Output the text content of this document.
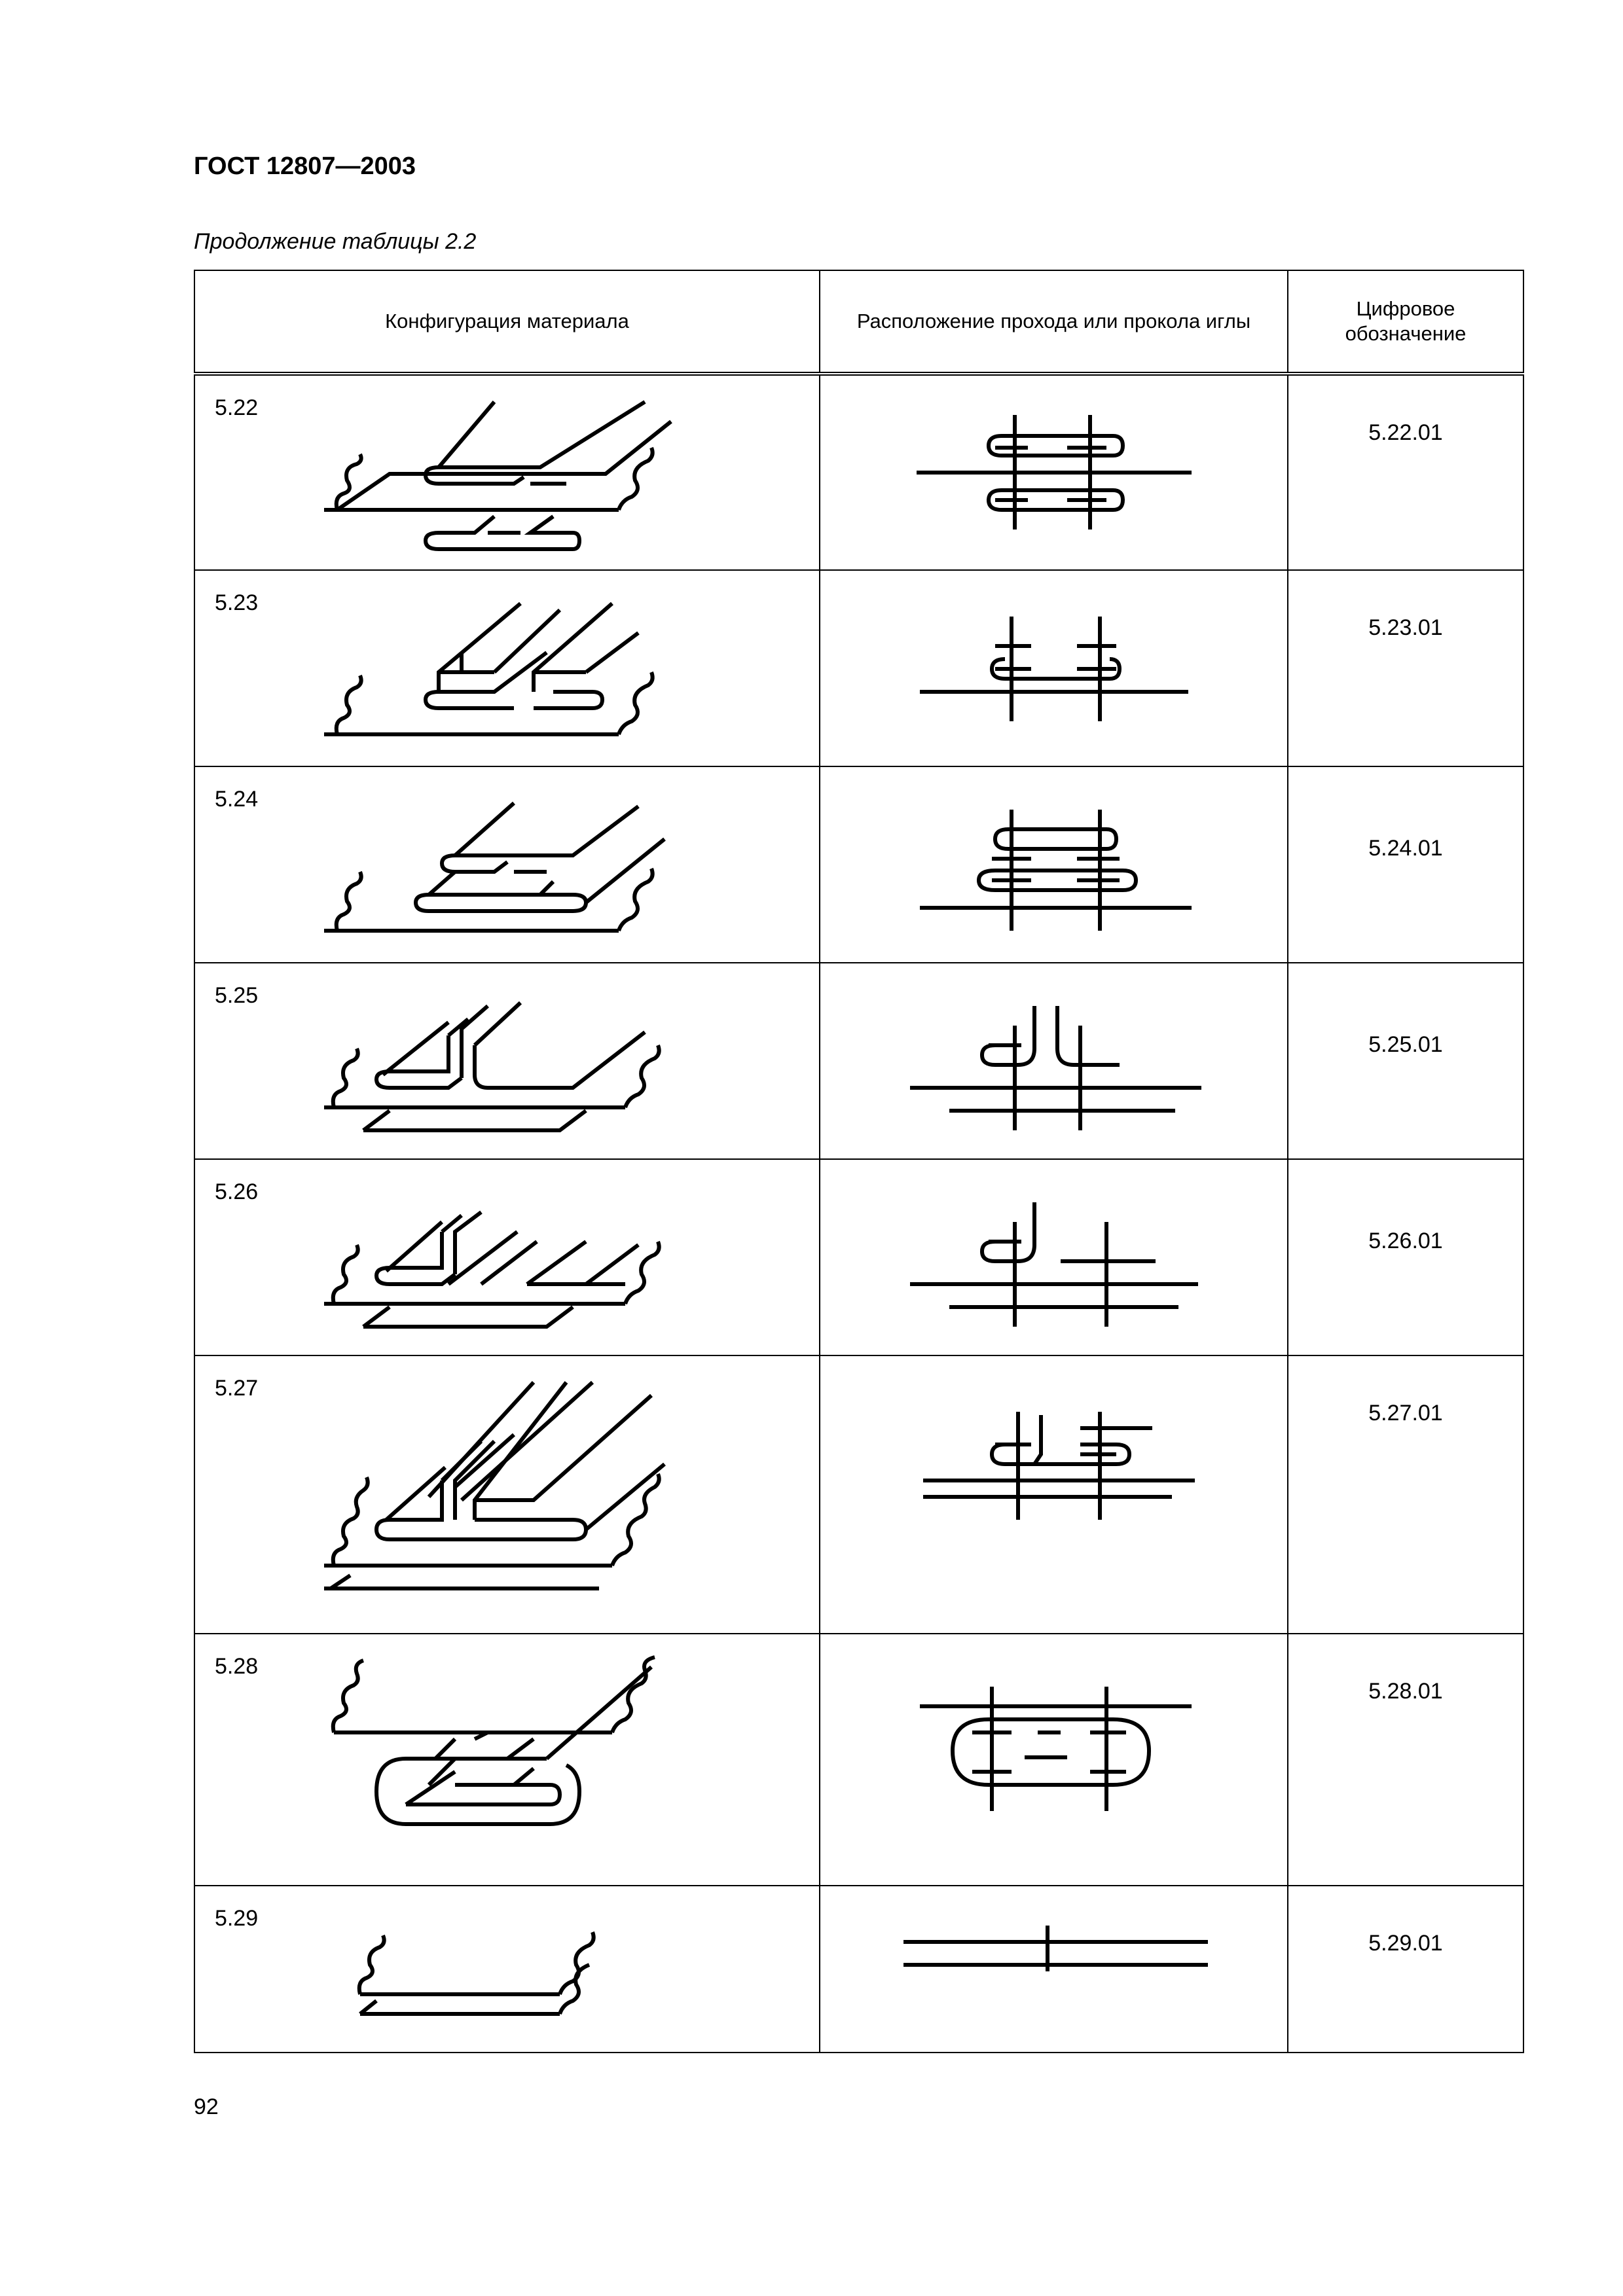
ГОСТ 12807—2003
Продолжение таблицы 2.2
Конфигурация материала	Расположение прохода или прокола иглы	Цифровое обозначение

5.22		5.22.01

5.23		5.23.01

5.24		5.24.01

5.25		5.25.01

5.26		5.26.01

5.27		5.27.01

5.28		5.28.01

5.29		5.29.01
92
